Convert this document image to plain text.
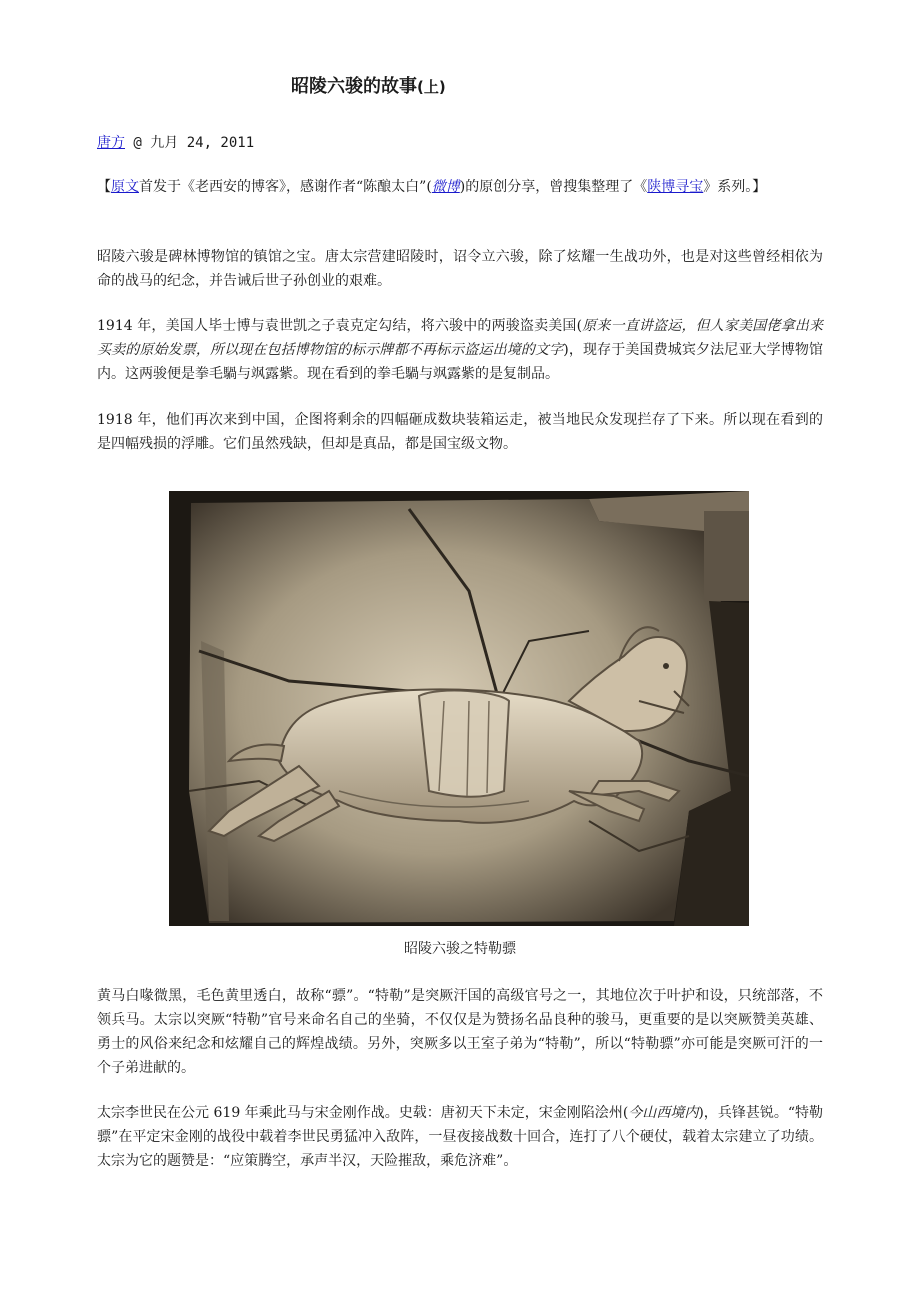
昭陵六骏的故事(上)
唐方 @ 九月 24, 2011
【原文首发于《老西安的博客》，感谢作者“陈酿太白”(微博)的原创分享，曾搜集整理了《陕博寻宝》系列。】
昭陵六骏是碑林博物馆的镇馆之宝。唐太宗营建昭陵时，诏令立六骏，除了炫耀一生战功外，也是对这些曾经相依为命的战马的纪念，并告诫后世子孙创业的艰难。
1914 年，美国人毕士博与袁世凯之子袁克定勾结，将六骏中的两骏盗卖美国(原来一直讲盗运，但人家美国佬拿出来买卖的原始发票，所以现在包括博物馆的标示牌都不再标示盗运出境的文字)，现存于美国费城宾夕法尼亚大学博物馆内。这两骏便是拳毛騧与飒露紫。现在看到的拳毛騧与飒露紫的是复制品。
1918 年，他们再次来到中国，企图将剩余的四幅砸成数块装箱运走，被当地民众发现拦存了下来。所以现在看到的是四幅残损的浮雕。它们虽然残缺，但却是真品，都是国宝级文物。
昭陵六骏之特勒骠
黄马白喙微黑，毛色黄里透白，故称“骠”。“特勒”是突厥汗国的高级官号之一，其地位次于叶护和设，只统部落，不领兵马。太宗以突厥“特勒”官号来命名自己的坐骑，不仅仅是为赞扬名品良种的骏马，更重要的是以突厥赞美英雄、勇士的风俗来纪念和炫耀自己的辉煌战绩。另外，突厥多以王室子弟为“特勒”，所以“特勒骠”亦可能是突厥可汗的一个子弟进献的。
太宗李世民在公元 619 年乘此马与宋金刚作战。史载：唐初天下未定，宋金刚陷浍州(今山西境内)，兵锋甚锐。“特勒骠”在平定宋金刚的战役中载着李世民勇猛冲入敌阵，一昼夜接战数十回合，连打了八个硬仗，载着太宗建立了功绩。太宗为它的题赞是：“应策腾空，承声半汉，天险摧敌，乘危济难”。
